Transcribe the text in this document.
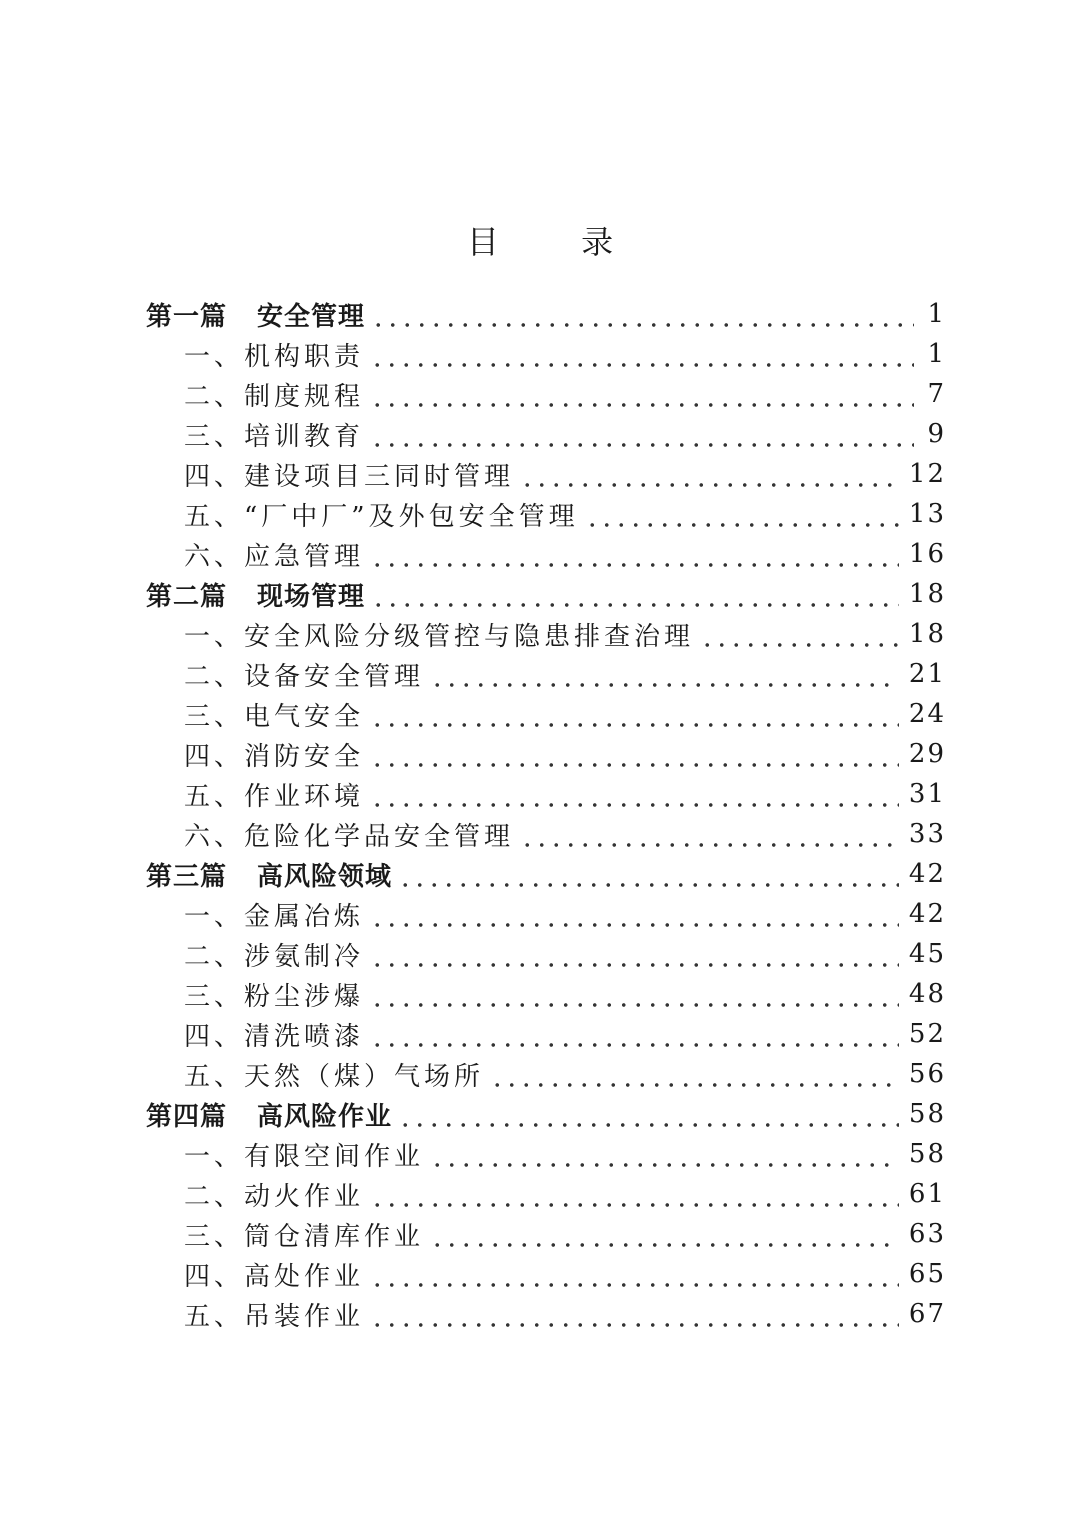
目 录
第一篇 安全管理	1
一、机构职责	1
二、制度规程	7
三、培训教育	9
四、建设项目三同时管理	12
五、“厂中厂”及外包安全管理	13
六、应急管理	16
第二篇 现场管理	18
一、安全风险分级管控与隐患排查治理	18
二、设备安全管理	21
三、电气安全	24
四、消防安全	29
五、作业环境	31
六、危险化学品安全管理	33
第三篇 高风险领域	42
一、金属冶炼	42
二、涉氨制冷	45
三、粉尘涉爆	48
四、清洗喷漆	52
五、天然（煤）气场所	56
第四篇 高风险作业	58
一、有限空间作业	58
二、动火作业	61
三、筒仓清库作业	63
四、高处作业	65
五、吊装作业	67
